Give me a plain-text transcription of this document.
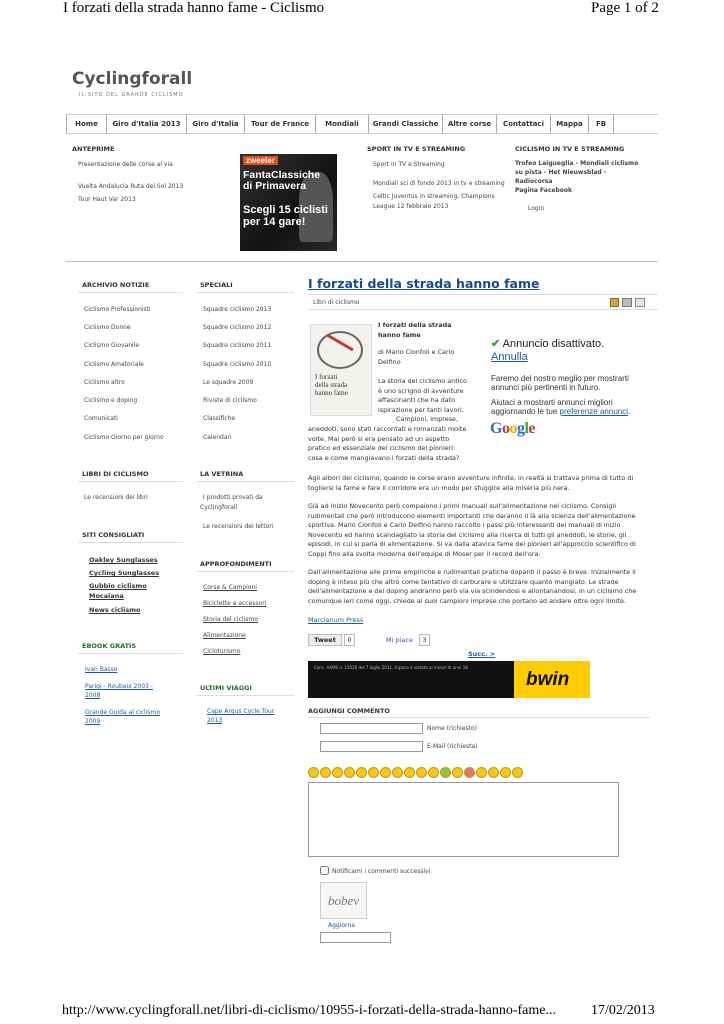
I forzati della strada hanno fame - Ciclismo	Page 1 of 2
Cyclingforall
IL SITO DEL GRANDE CICLISMO
Home	Giro d'Italia 2013	Giro d'Italia	Tour de France	Mondiali	Grandi Classiche	Altre corse	Contattaci	Mappa	FB
ANTEPRIME
Presentazione delle corse al via
Vuelta Andalucia Ruta del Sol 2013
Tour Haut Var 2013
zweeler
FantaClassiche
di Primavera
Scegli 15 ciclisti
per 14 gare!
SPORT IN TV E STREAMING
Sport in TV e Streaming
Mondiali sci di fondo 2013 in tv e streaming
Celtic Juventus in streaming, Champions
League 12 febbraio 2013
CICLISMO IN TV E STREAMING
Trofeo Laigueglia - Mondiali ciclismo
su pista - Het Nieuwsblad -
Radiocorsa
Pagina Facebook
Login
ARCHIVIO NOTIZIE
Ciclismo Professionisti
Ciclismo Donne
Ciclismo Giovanile
Ciclismo Amatoriale
Ciclismo altro
Ciclismo e doping
Comunicati
Ciclismo Giorno per giorno
LIBRI DI CICLISMO
Le recensioni dei libri
SITI CONSIGLIATI
Oakley Sunglasses
Cycling Sunglasses
Gubbio ciclismo
Mocaiana
News ciclismo
EBOOK GRATIS
Ivan Basso
Parigi - Roubaix 2003 -
2008
Grande Guida al ciclismo
2009
SPECIALI
Squadre ciclismo 2013
Squadre ciclismo 2012
Squadre ciclismo 2011
Squadre ciclismo 2010
Le squadre 2009
Riviste di ciclismo
Classifiche
Calendari
LA VETRINA
I prodotti provati da
Cyclingforall
Le recensioni dei lettori
APPROFONDIMENTI
Corse & Campioni
Biciclette e accessori
Storia del ciclismo
Alimentazione
Cicloturismo
ULTIMI VIAGGI
Cape Argus Cycle Tour
2013
I forzati della strada hanno fame
Libri di ciclismo
I forzati
della strada
hanno fame
I forzati della strada
hanno fame
di Mario Cionfoli e Carlo
Delfino
La storia del ciclismo antico
è uno scrigno di avventure
affascinanti che ha dato
ispirazione per tanti lavori.
Campioni, imprese,
aneddoti, sono stati raccontati e romanzati molte
volte. Mai però si era pensato ad un aspetto
pratico ed essenziale del ciclismo dei pionieri:
cosa e come mangiavano i forzati della strada?
✔ Annuncio disattivato.
Annulla
Faremo del nostro meglio per mostrarti
annunci più pertinenti in futuro.
Aiutaci a mostrarti annunci migliori
aggiornando le tue preferenze annunci.
Google
Agli albori del ciclismo, quando le corse erano avventure infinite, in realtà si trattava prima di tutto di
togliersi la fame e fare il corridore era un modo per sfuggire alla miseria più nera.
Già ad inizio Novecento però compaiono i primi manuali sull'alimentazione nel ciclismo. Consigli
rudimentali che però introducono elementi importanti che daranno il là alla scienza dell'alimentazione
sportiva. Mario Cionfoli e Carlo Delfino hanno raccolto i passi più interessanti dei manuali di inizio
Novecento ed hanno scandagliato la storia del ciclismo alla ricerca di tutti gli aneddoti, le storie, gli
episodi, in cui si parla di alimentazione. Si va dalla atavica fame dei pionieri all'approccio scientifico di
Coppi fino alla svolta moderna dell'equipe di Moser per il record dell'ora.
Dall'alimentazione alle prime empiriche e rudimentali pratiche dopanti il passo è breve. Inizialmente il
doping è inteso più che altro come tentativo di carburare e utilizzare quanto mangiato. Le strade
dell'alimentazione e del doping andranno però via via scindendosi e allontanandosi, in un ciclismo che
comunque ieri come oggi, chiede ai suoi campioni imprese che portano ad andare oltre ogni limite.
Marcianum Press
Tweet	0	Mi piace	3
Succ. >
Conc. AAMS n. 15026 del 7 luglio 2011. Il gioco è vietato ai minori di anni 18
bwin
AGGIUNGI COMMENTO
Nome (richiesto)
E-Mail (richiesta)
Notificami i commenti successivi
bobev
Aggiorna
http://www.cyclingforall.net/libri-di-ciclismo/10955-i-forzati-della-strada-hanno-fame...	17/02/2013
